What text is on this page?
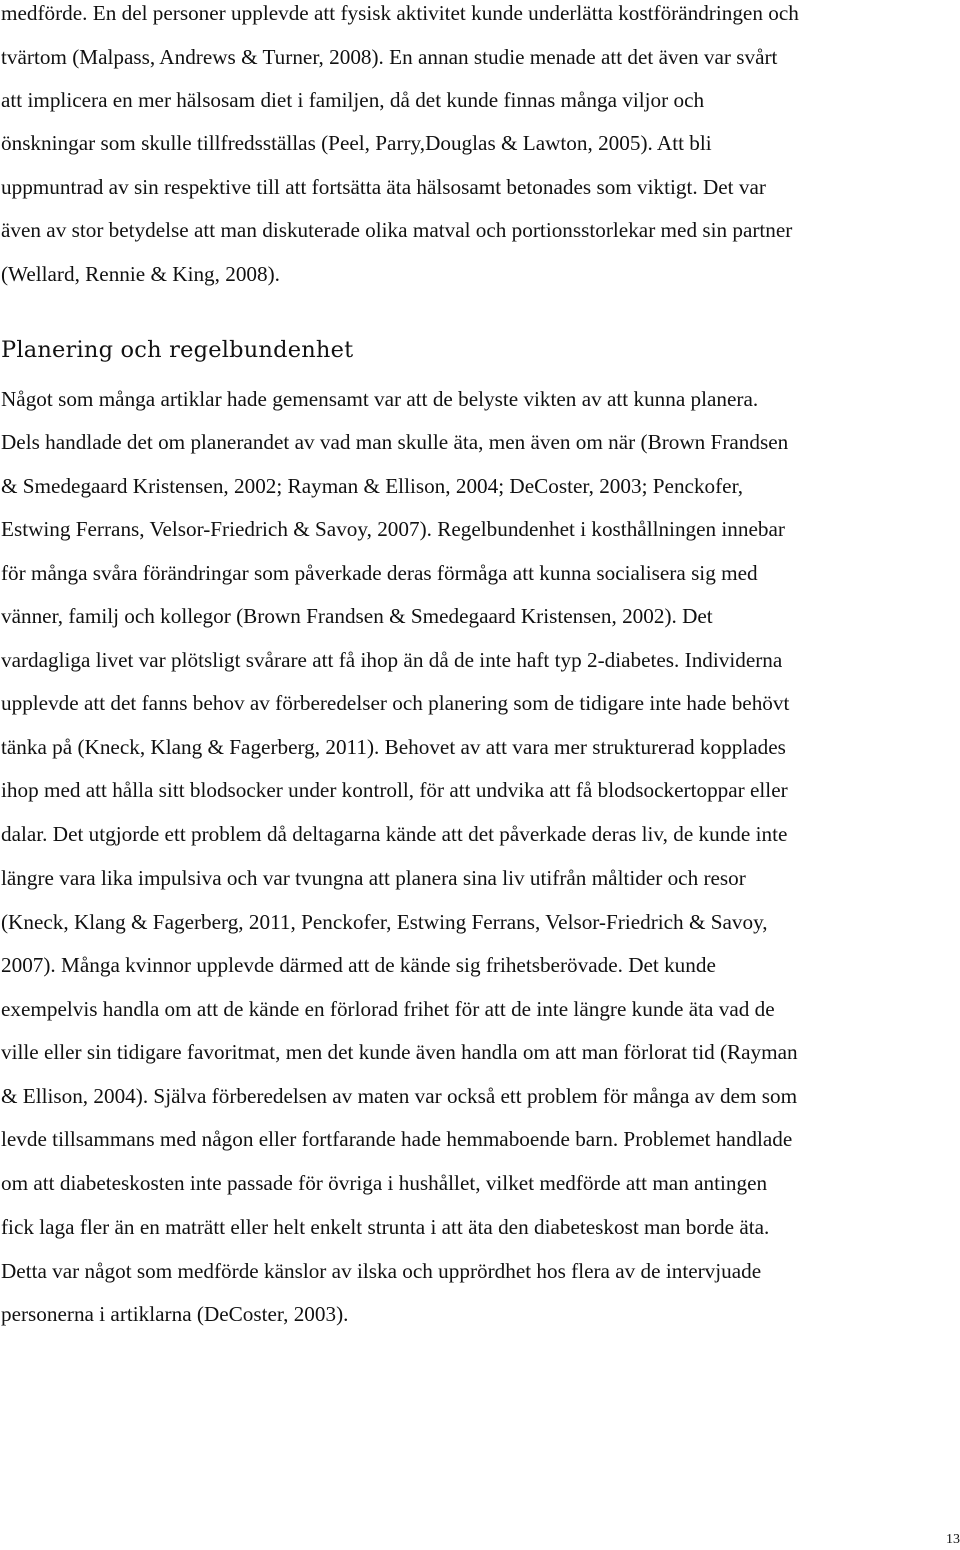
medförde. En del personer upplevde att fysisk aktivitet kunde underlätta kostförändringen och
tvärtom (Malpass, Andrews & Turner, 2008). En annan studie menade att det även var svårt
att implicera en mer hälsosam diet i familjen, då det kunde finnas många viljor och
önskningar som skulle tillfredsställas (Peel, Parry,Douglas & Lawton, 2005). Att bli
uppmuntrad av sin respektive till att fortsätta äta hälsosamt betonades som viktigt. Det var
även av stor betydelse att man diskuterade olika matval och portionsstorlekar med sin partner
(Wellard, Rennie & King, 2008).
Planering och regelbundenhet
Något som många artiklar hade gemensamt var att de belyste vikten av att kunna planera.
Dels handlade det om planerandet av vad man skulle äta, men även om när (Brown Frandsen
& Smedegaard Kristensen, 2002; Rayman & Ellison, 2004; DeCoster, 2003; Penckofer,
Estwing Ferrans, Velsor-Friedrich & Savoy, 2007). Regelbundenhet i kosthållningen innebar
för många svåra förändringar som påverkade deras förmåga att kunna socialisera sig med
vänner, familj och kollegor (Brown Frandsen & Smedegaard Kristensen, 2002). Det
vardagliga livet var plötsligt svårare att få ihop än då de inte haft typ 2-diabetes. Individerna
upplevde att det fanns behov av förberedelser och planering som de tidigare inte hade behövt
tänka på (Kneck, Klang & Fagerberg, 2011). Behovet av att vara mer strukturerad kopplades
ihop med att hålla sitt blodsocker under kontroll, för att undvika att få blodsockertoppar eller
dalar. Det utgjorde ett problem då deltagarna kände att det påverkade deras liv, de kunde inte
längre vara lika impulsiva och var tvungna att planera sina liv utifrån måltider och resor
(Kneck, Klang & Fagerberg, 2011, Penckofer, Estwing Ferrans, Velsor-Friedrich & Savoy,
2007). Många kvinnor upplevde därmed att de kände sig frihetsberövade. Det kunde
exempelvis handla om att de kände en förlorad frihet för att de inte längre kunde äta vad de
ville eller sin tidigare favoritmat, men det kunde även handla om att man förlorat tid (Rayman
& Ellison, 2004). Själva förberedelsen av maten var också ett problem för många av dem som
levde tillsammans med någon eller fortfarande hade hemmaboende barn. Problemet handlade
om att diabeteskosten inte passade för övriga i hushållet, vilket medförde att man antingen
fick laga fler än en maträtt eller helt enkelt strunta i att äta den diabeteskost man borde äta.
Detta var något som medförde känslor av ilska och upprördhet hos flera av de intervjuade
personerna i artiklarna (DeCoster, 2003).
13
